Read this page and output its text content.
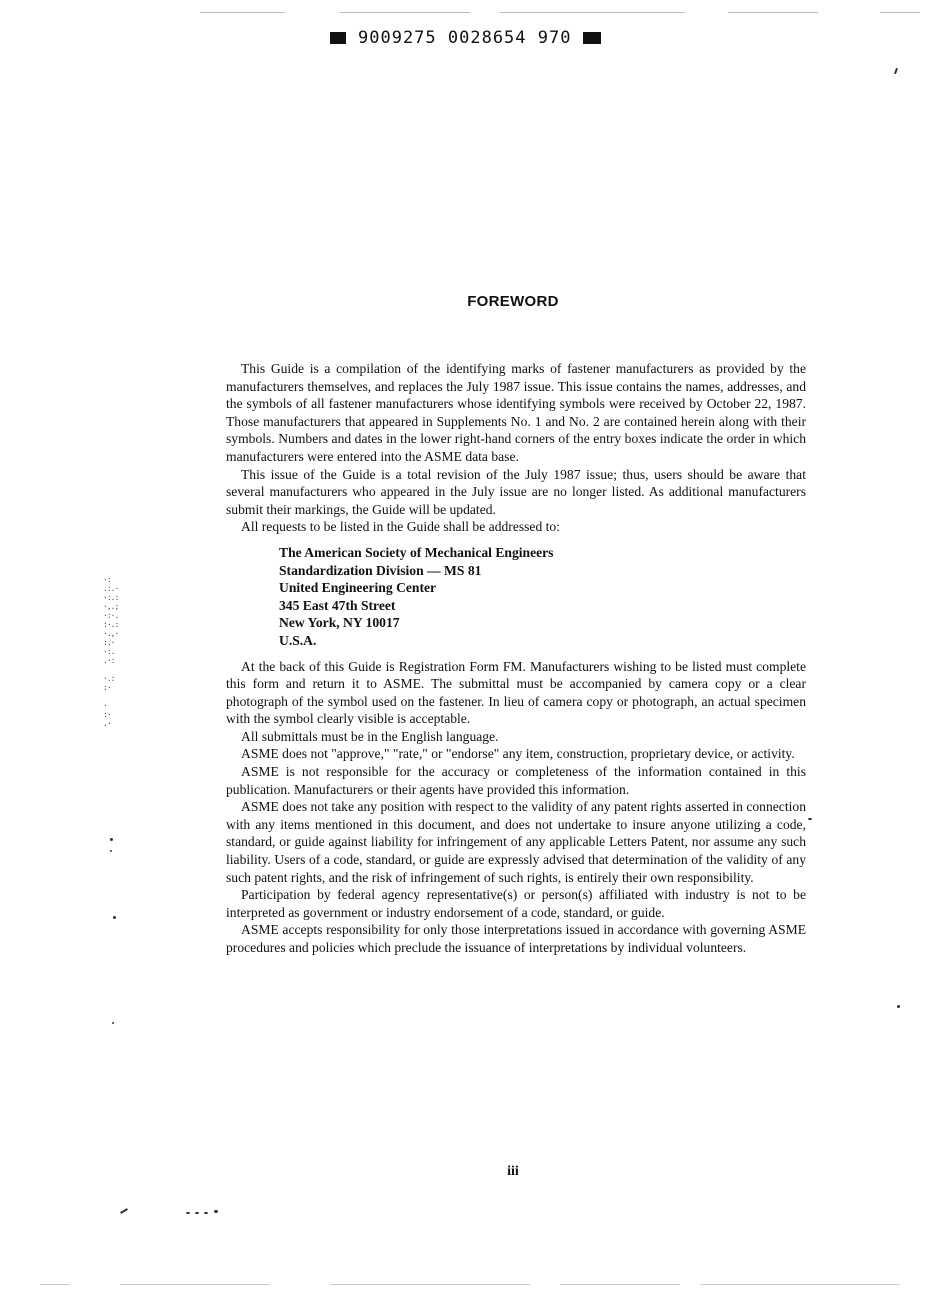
9009275 0028654 970
FOREWORD

This Guide is a compilation of the identifying marks of fastener manufacturers as provided by the manufacturers themselves, and replaces the July 1987 issue. This issue contains the names, addresses, and the symbols of all fastener manufacturers whose identifying symbols were received by October 22, 1987. Those manufacturers that appeared in Supplements No. 1 and No. 2 are contained herein along with their symbols. Numbers and dates in the lower right-hand corners of the entry boxes indicate the order in which manufacturers were entered into the ASME data base.

This issue of the Guide is a total revision of the July 1987 issue; thus, users should be aware that several manufacturers who appeared in the July issue are no longer listed. As additional manufacturers submit their markings, the Guide will be updated.

All requests to be listed in the Guide shall be addressed to:

The American Society of Mechanical Engineers
Standardization Division — MS 81
United Engineering Center
345 East 47th Street
New York, NY 10017
U.S.A.

At the back of this Guide is Registration Form FM. Manufacturers wishing to be listed must complete this form and return it to ASME. The submittal must be accompanied by camera copy or a clear photograph of the symbol used on the fastener. In lieu of camera copy or photograph, an actual specimen with the symbol clearly visible is acceptable.

All submittals must be in the English language.

ASME does not "approve," "rate," or "endorse" any item, construction, proprietary device, or activity.

ASME is not responsible for the accuracy or completeness of the information contained in this publication. Manufacturers or their agents have provided this information.

ASME does not take any position with respect to the validity of any patent rights asserted in connection with any items mentioned in this document, and does not undertake to insure anyone utilizing a code, standard, or guide against liability for infringement of any applicable Letters Patent, nor assume any such liability. Users of a code, standard, or guide are expressly advised that determination of the validity of any such patent rights, and the risk of infringement of such rights, is entirely their own responsibility.

Participation by federal agency representative(s) or person(s) affiliated with industry is not to be interpreted as government or industry endorsement of a code, standard, or guide.

ASME accepts responsibility for only those interpretations issued in accordance with governing ASME procedures and policies which preclude the issuance of interpretations by individual volunteers.

iii
·:
.:.·
·:.:
·,.;
·:·.
:·.:
·.,·
:.·
·:.
.·:

·.:
:·

·
:·
.·
